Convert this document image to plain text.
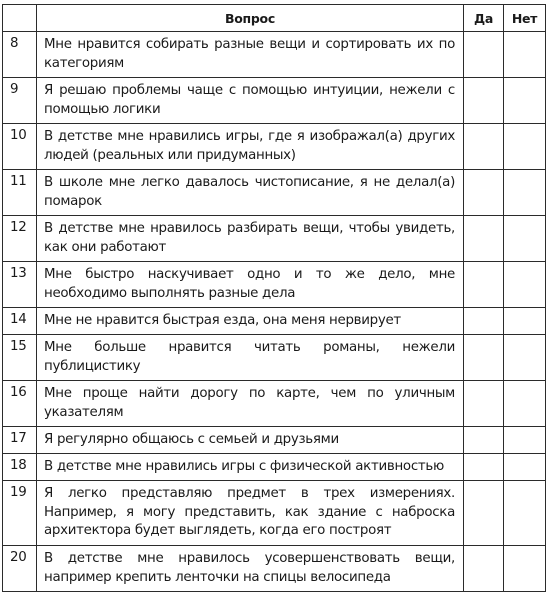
	Вопрос	Да	Нет
8	Мне нравится собирать разные вещи и сортировать их по категориям		
9	Я решаю проблемы чаще с помощью интуиции, нежели с помощью логики		
10	В детстве мне нравились игры, где я изображал(а) других людей (реальных или придуманных)		
11	В школе мне легко давалось чистописание, я не делал(а) помарок		
12	В детстве мне нравилось разбирать вещи, чтобы увидеть, как они работают		
13	Мне быстро наскучивает одно и то же дело, мне необходимо выполнять разные дела		
14	Мне не нравится быстрая езда, она меня нервирует		
15	Мне больше нравится читать романы, нежели публицистику		
16	Мне проще найти дорогу по карте, чем по уличным указателям		
17	Я регулярно общаюсь с семьей и друзьями		
18	В детстве мне нравились игры с физической активностью		
19	Я легко представляю предмет в трех измерениях. Например, я могу представить, как здание с наброска архитектора будет выглядеть, когда его построят		
20	В детстве мне нравилось усовершенствовать вещи, например крепить ленточки на спицы велосипеда		
